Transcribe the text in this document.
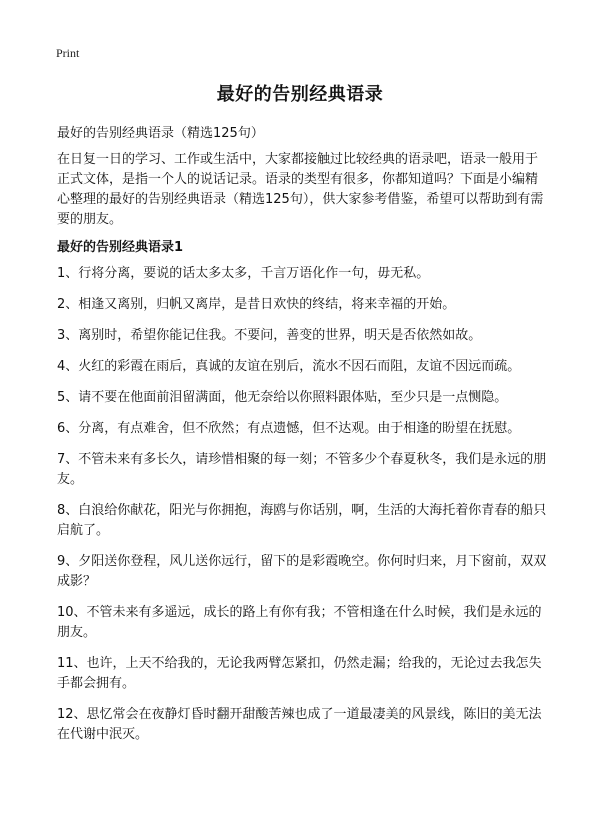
Print
最好的告别经典语录
最好的告别经典语录（精选125句）
在日复一日的学习、工作或生活中，大家都接触过比较经典的语录吧，语录一般用于正式文体，是指一个人的说话记录。语录的类型有很多，你都知道吗？下面是小编精心整理的最好的告别经典语录（精选125句），供大家参考借鉴，希望可以帮助到有需要的朋友。
最好的告别经典语录1
1、行将分离，要说的话太多太多，千言万语化作一句，毋无私。
2、相逢又离别，归帆又离岸，是昔日欢快的终结，将来幸福的开始。
3、离别时，希望你能记住我。不要问，善变的世界，明天是否依然如故。
4、火红的彩霞在雨后，真诚的友谊在别后，流水不因石而阻，友谊不因远而疏。
5、请不要在他面前泪留满面，他无奈给以你照料跟体贴，至少只是一点恻隐。
6、分离，有点难舍，但不欣然；有点遗憾，但不达观。由于相逢的盼望在抚慰。
7、不管未来有多长久，请珍惜相聚的每一刻；不管多少个春夏秋冬，我们是永远的朋友。
8、白浪给你献花，阳光与你拥抱，海鸥与你话别，啊，生活的大海托着你青春的船只启航了。
9、夕阳送你登程，风儿送你远行，留下的是彩霞晚空。你何时归来，月下窗前，双双成影？
10、不管未来有多遥远，成长的路上有你有我；不管相逢在什么时候，我们是永远的朋友。
11、也许，上天不给我的，无论我两臂怎紧扣，仍然走漏；给我的，无论过去我怎失手都会拥有。
12、思忆常会在夜静灯昏时翻开甜酸苦辣也成了一道最凄美的风景线，陈旧的美无法在代谢中泯灭。
